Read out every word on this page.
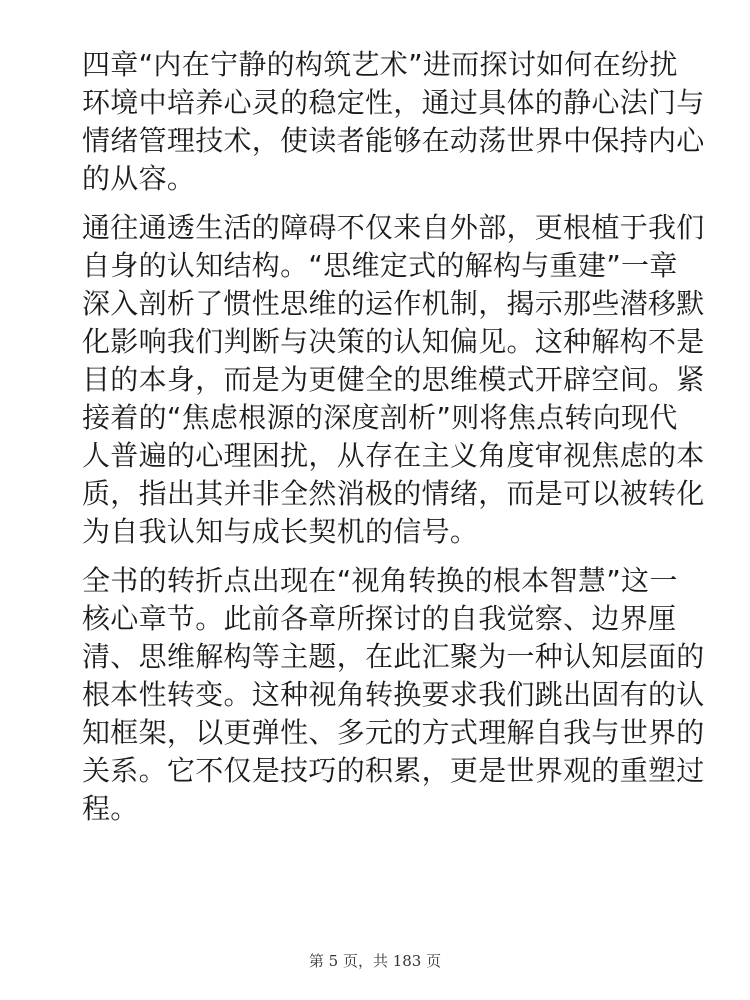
四章“内在宁静的构筑艺术”进而探讨如何在纷扰
环境中培养心灵的稳定性，通过具体的静心法门与
情绪管理技术，使读者能够在动荡世界中保持内心
的从容。

通往通透生活的障碍不仅来自外部，更根植于我们
自身的认知结构。“思维定式的解构与重建”一章
深入剖析了惯性思维的运作机制，揭示那些潜移默
化影响我们判断与决策的认知偏见。这种解构不是
目的本身，而是为更健全的思维模式开辟空间。紧
接着的“焦虑根源的深度剖析”则将焦点转向现代
人普遍的心理困扰，从存在主义角度审视焦虑的本
质，指出其并非全然消极的情绪，而是可以被转化
为自我认知与成长契机的信号。

全书的转折点出现在“视角转换的根本智慧”这一
核心章节。此前各章所探讨的自我觉察、边界厘
清、思维解构等主题，在此汇聚为一种认知层面的
根本性转变。这种视角转换要求我们跳出固有的认
知框架，以更弹性、多元的方式理解自我与世界的
关系。它不仅是技巧的积累，更是世界观的重塑过
程。

第 5 页，共 183 页
